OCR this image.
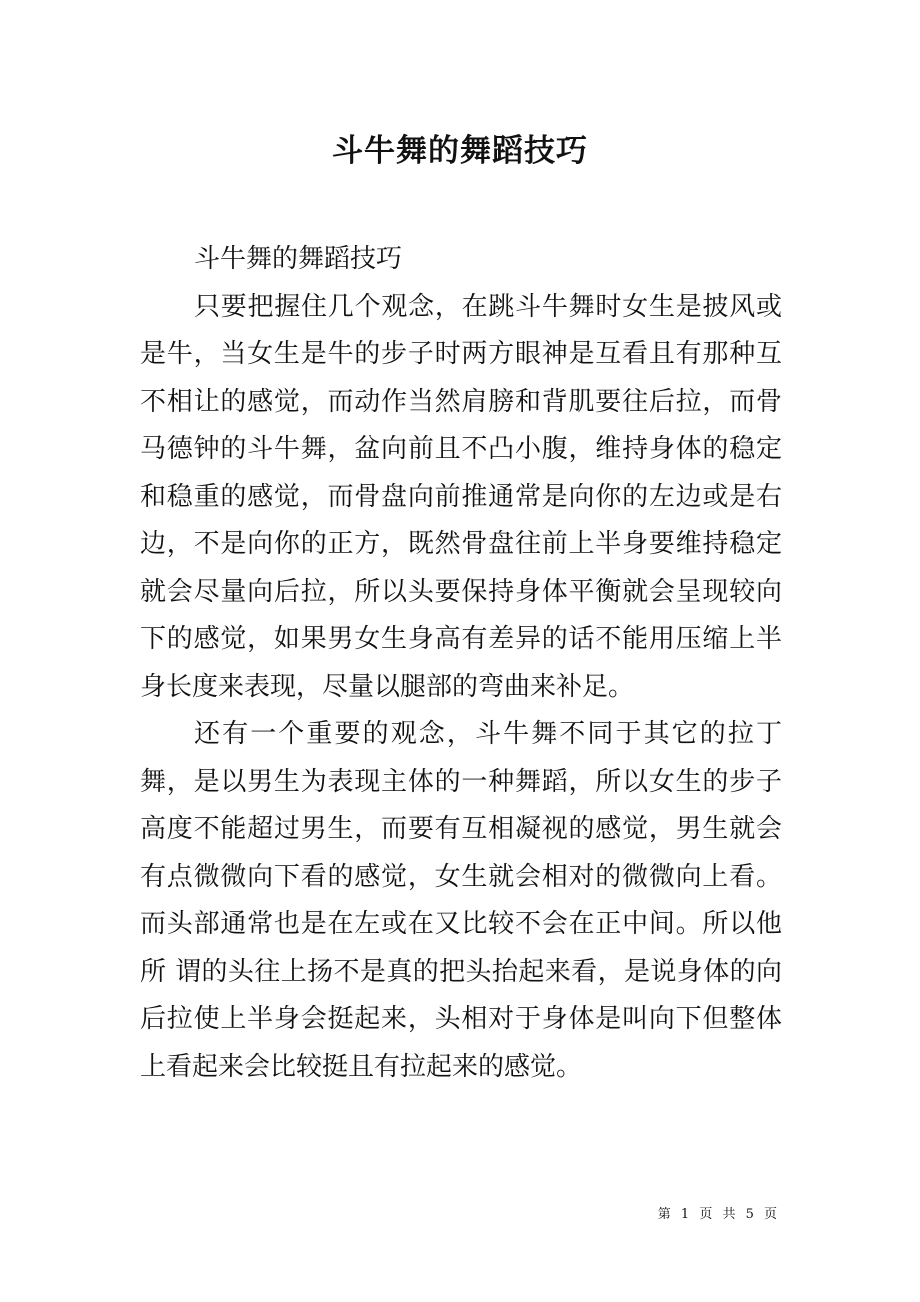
斗牛舞的舞蹈技巧

斗牛舞的舞蹈技巧

只要把握住几个观念，在跳斗牛舞时女生是披风或是牛，当女生是牛的步子时两方眼神是互看且有那种互不相让的感觉，而动作当然肩膀和背肌要往后拉，而骨马德钟的斗牛舞，盆向前且不凸小腹，维持身体的稳定和稳重的感觉，而骨盘向前推通常是向你的左边或是右边，不是向你的正方，既然骨盘往前上半身要维持稳定就会尽量向后拉，所以头要保持身体平衡就会呈现较向下的感觉，如果男女生身高有差异的话不能用压缩上半身长度来表现，尽量以腿部的弯曲来补足。

还有一个重要的观念，斗牛舞不同于其它的拉丁舞，是以男生为表现主体的一种舞蹈，所以女生的步子高度不能超过男生，而要有互相凝视的感觉，男生就会有点微微向下看的感觉，女生就会相对的微微向上看。而头部通常也是在左或在又比较不会在正中间。所以他所 谓的头往上扬不是真的把头抬起来看，是说身体的向后拉使上半身会挺起来，头相对于身体是叫向下但整体上看起来会比较挺且有拉起来的感觉。

第 1 页 共 5 页
